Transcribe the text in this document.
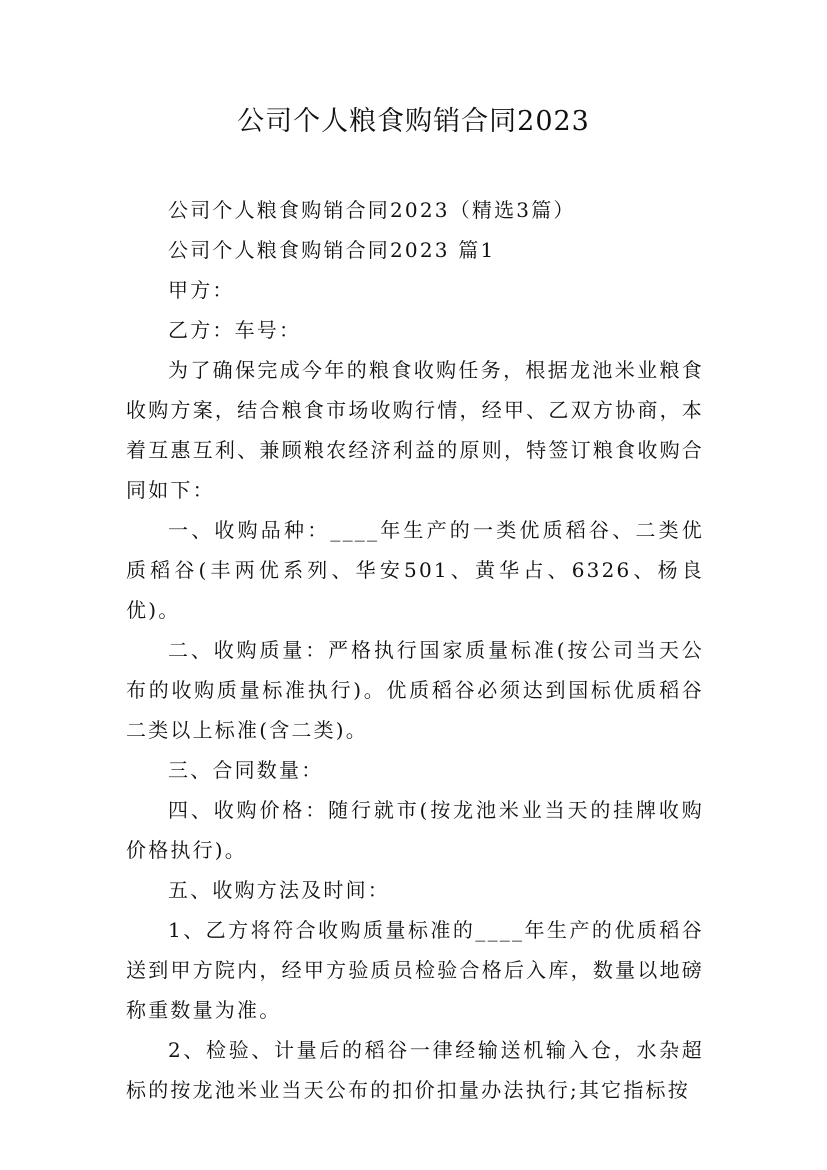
公司个人粮食购销合同2023

公司个人粮食购销合同2023（精选3篇）

公司个人粮食购销合同2023 篇1

甲方：

乙方：车号：

为了确保完成今年的粮食收购任务，根据龙池米业粮食收购方案，结合粮食市场收购行情，经甲、乙双方协商，本着互惠互利、兼顾粮农经济利益的原则，特签订粮食收购合同如下：

一、收购品种：____年生产的一类优质稻谷、二类优质稻谷(丰两优系列、华安501、黄华占、6326、杨良优)。

二、收购质量：严格执行国家质量标准(按公司当天公布的收购质量标准执行)。优质稻谷必须达到国标优质稻谷二类以上标准(含二类)。

三、合同数量：

四、收购价格：随行就市(按龙池米业当天的挂牌收购价格执行)。

五、收购方法及时间：

1、乙方将符合收购质量标准的____年生产的优质稻谷送到甲方院内，经甲方验质员检验合格后入库，数量以地磅称重数量为准。

2、检验、计量后的稻谷一律经输送机输入仓，水杂超标的按龙池米业当天公布的扣价扣量办法执行;其它指标按
